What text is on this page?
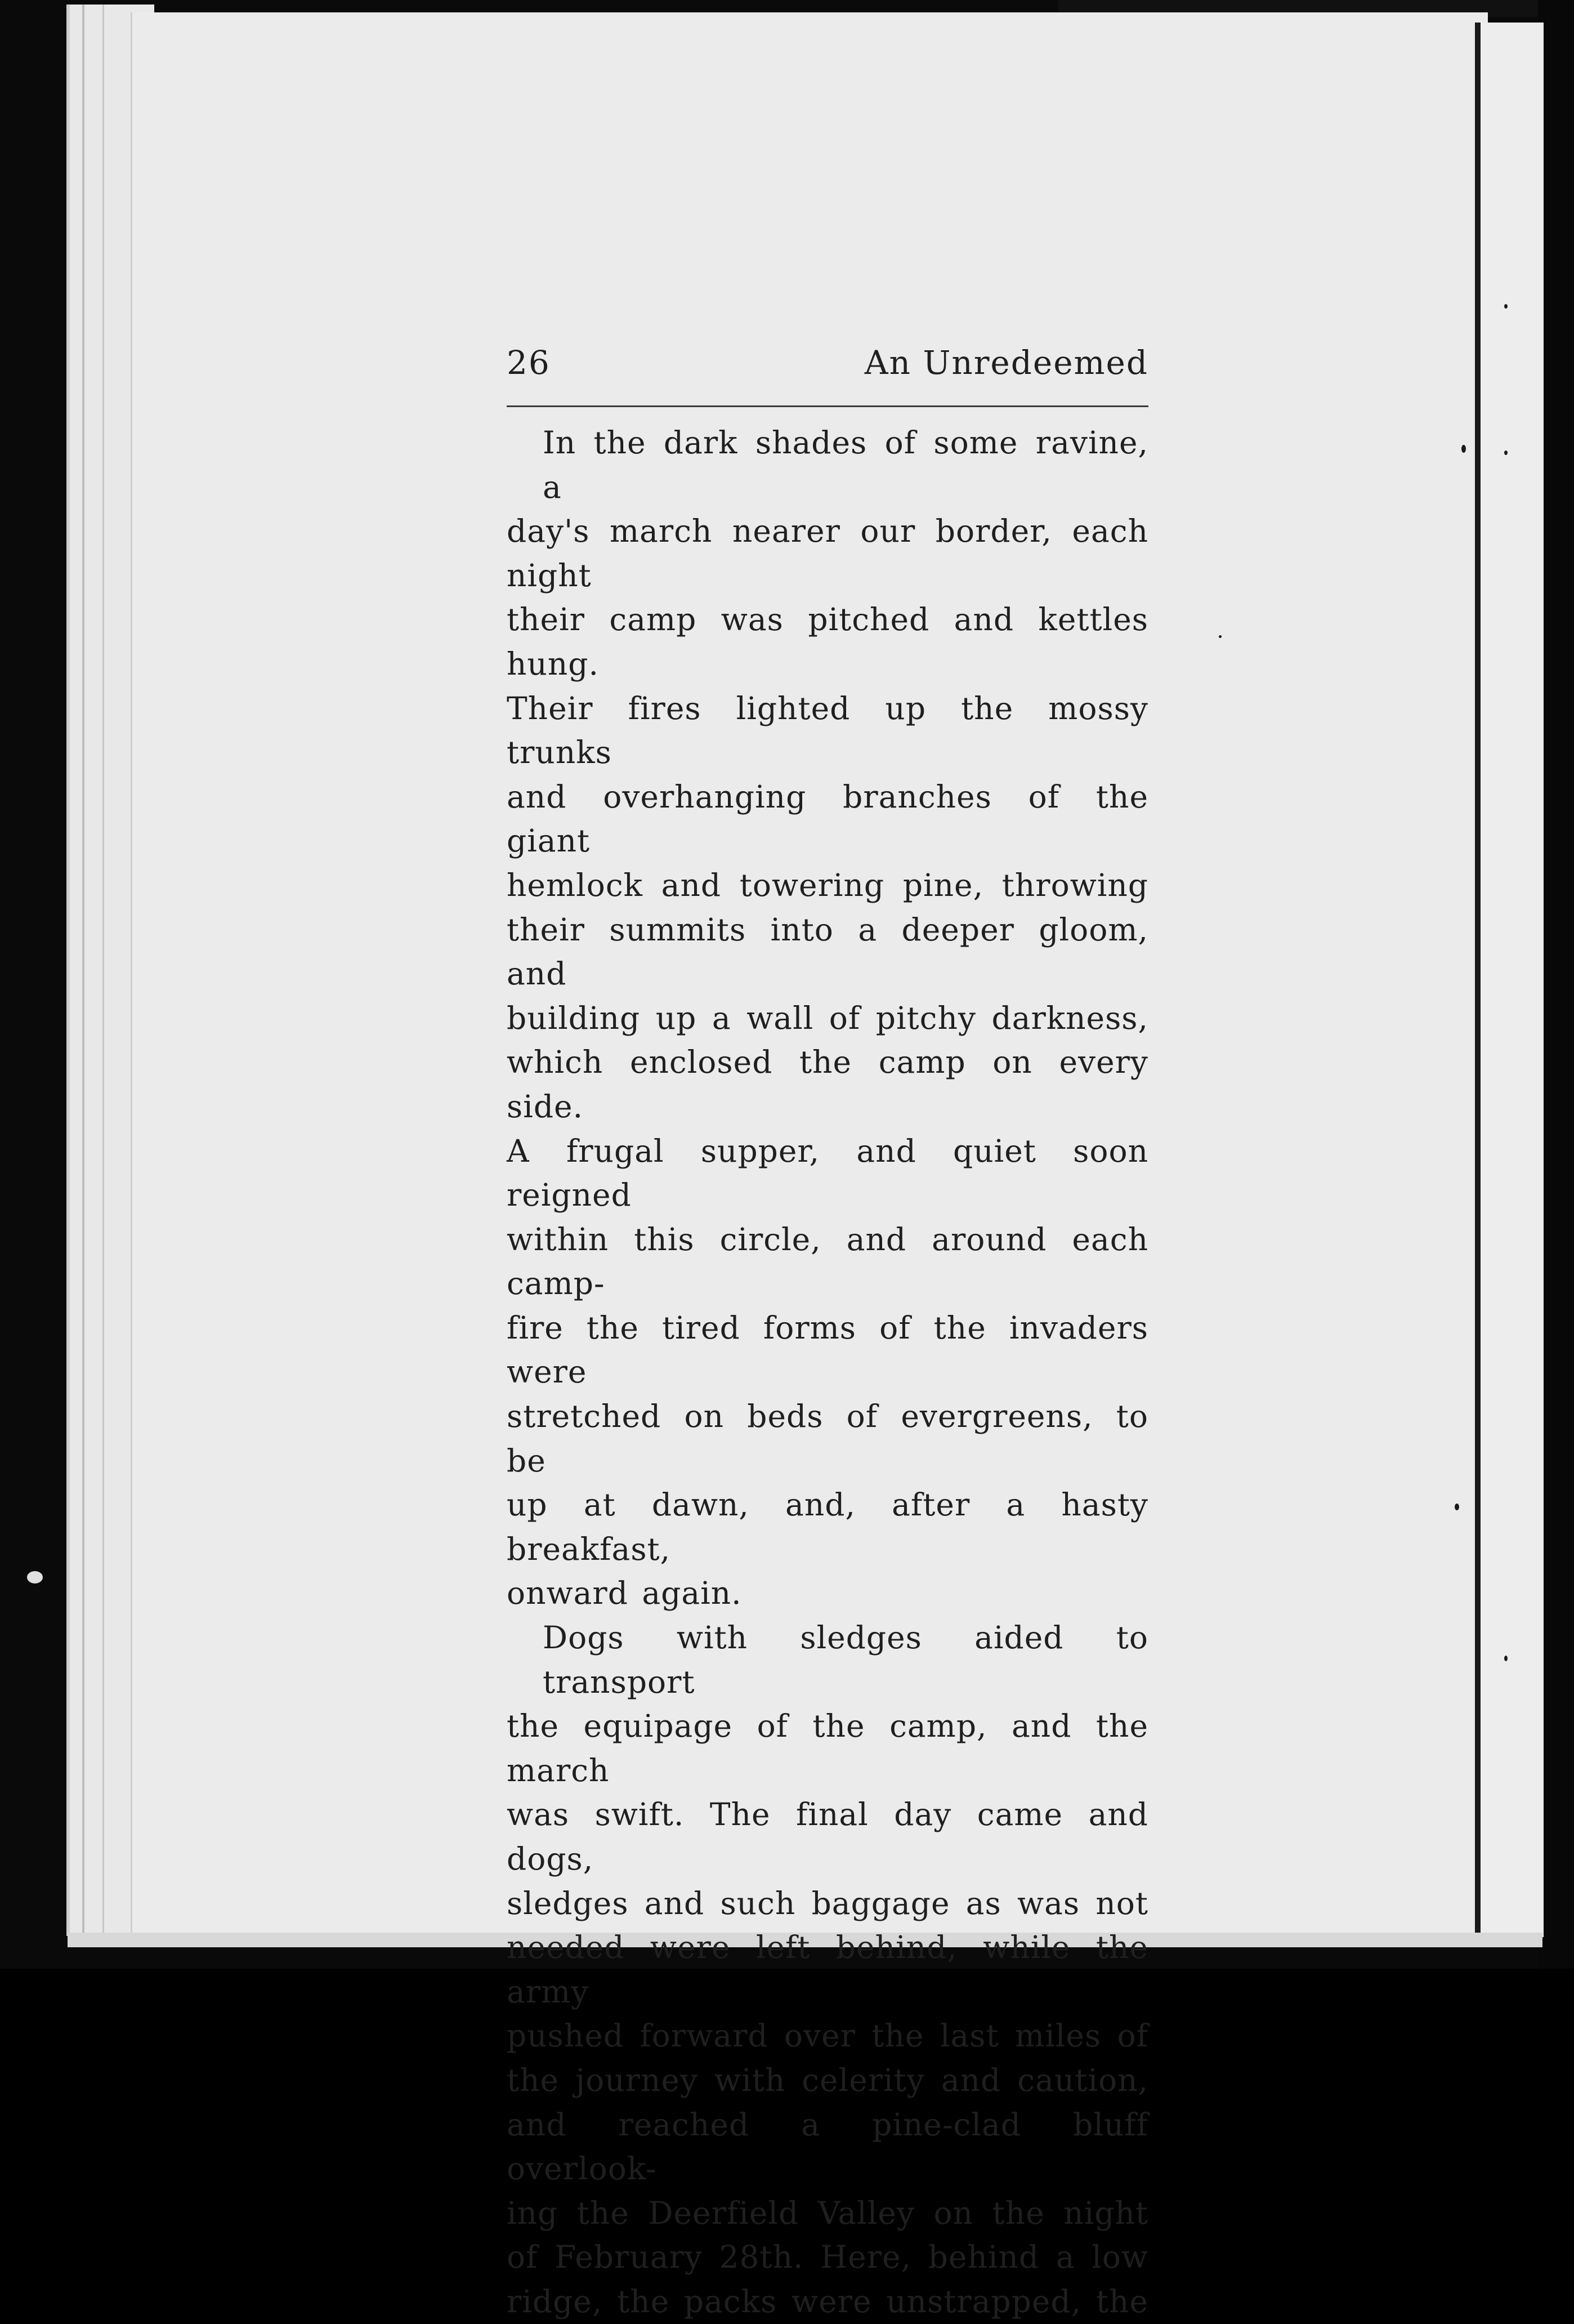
26	An Unredeemed

In the dark shades of some ravine, a
day's march nearer our border, each night
their camp was pitched and kettles hung.
Their fires lighted up the mossy trunks
and overhanging branches of the giant
hemlock and towering pine, throwing
their summits into a deeper gloom, and
building up a wall of pitchy darkness,
which enclosed the camp on every side.
A frugal supper, and quiet soon reigned
within this circle, and around each camp-
fire the tired forms of the invaders were
stretched on beds of evergreens, to be
up at dawn, and, after a hasty breakfast,
onward again.

Dogs with sledges aided to transport
the equipage of the camp, and the march
was swift. The final day came and dogs,
sledges and such baggage as was not
needed were left behind, while the army
pushed forward over the last miles of
the journey with celerity and caution,
and reached a pine-clad bluff overlook-
ing the Deerfield Valley on the night
of February 28th. Here, behind a low
ridge, the packs were unstrapped, the
